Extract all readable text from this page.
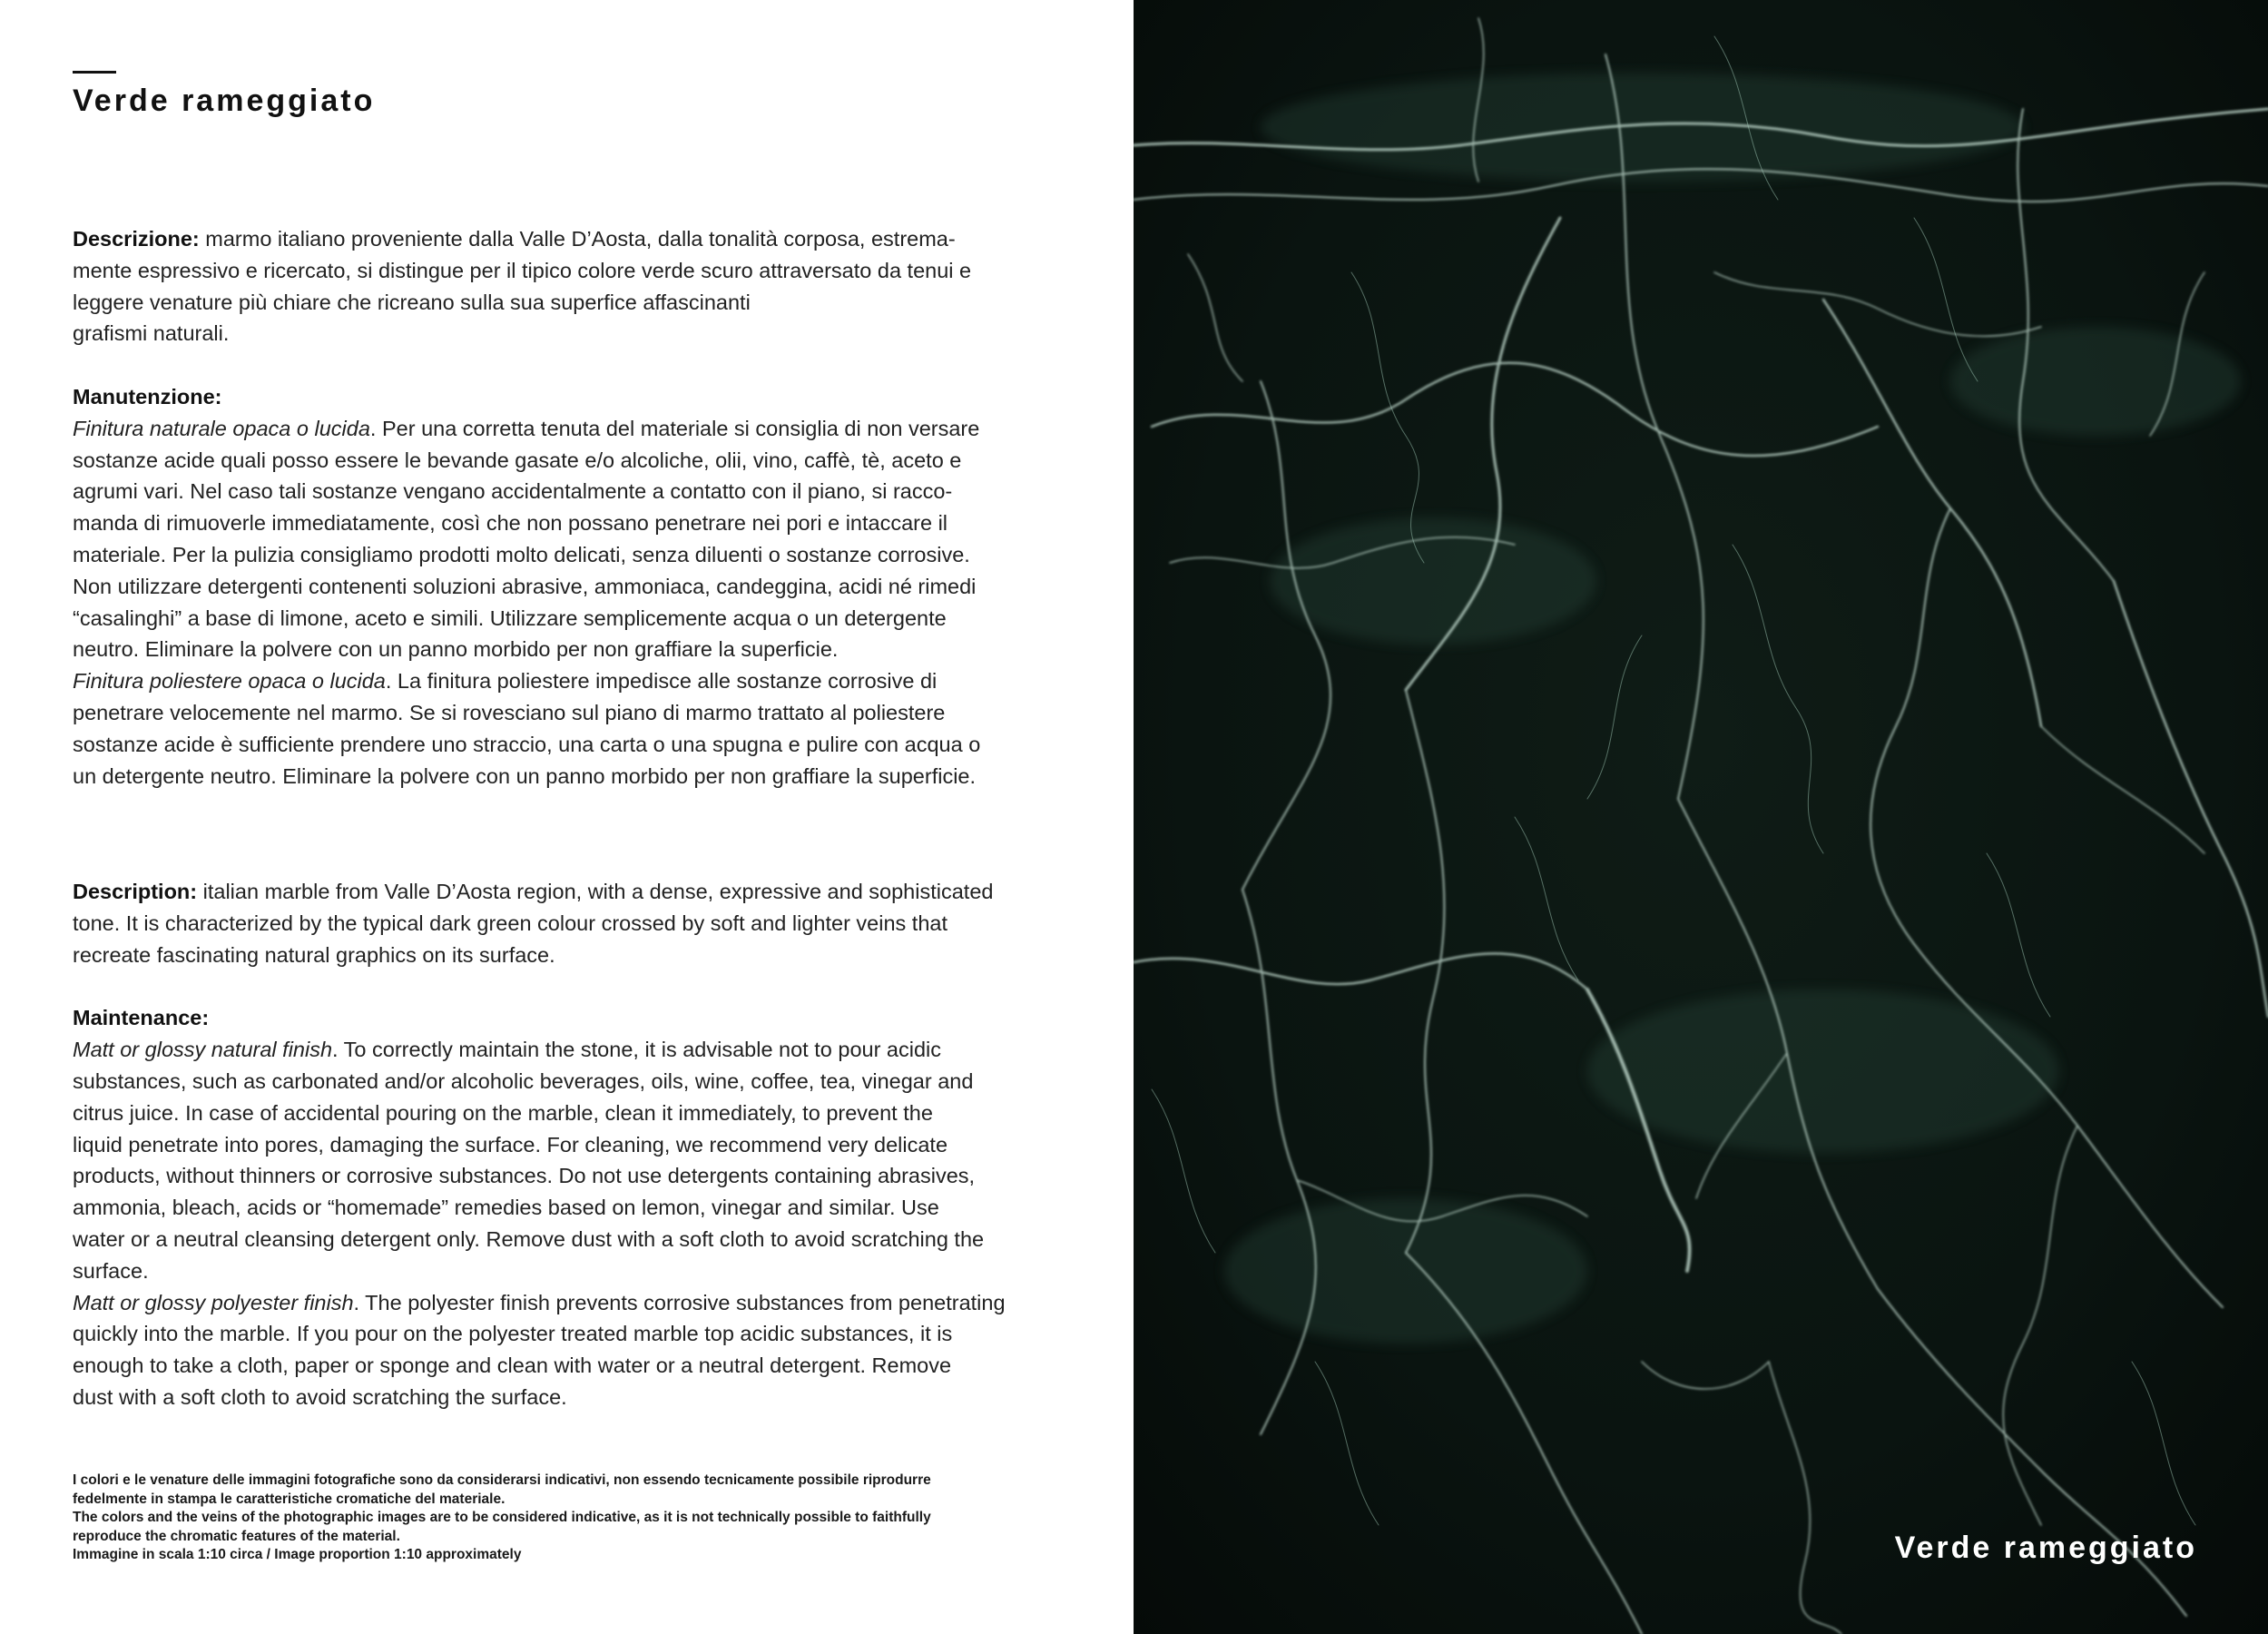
Verde rameggiato

Descrizione: marmo italiano proveniente dalla Valle D’Aosta, dalla tonalità corposa, estrema-

mente espressivo e ricercato, si distingue per il tipico colore verde scuro attraversato da tenui e

leggere venature più chiare che ricreano sulla sua superfice affascinanti

grafismi naturali.

Manutenzione:

Finitura naturale opaca o lucida. Per una corretta tenuta del materiale si consiglia di non versare

sostanze acide quali posso essere le bevande gasate e/o alcoliche, olii, vino, caffè, tè, aceto e

agrumi vari. Nel caso tali sostanze vengano accidentalmente a contatto con il piano, si racco-

manda di rimuoverle immediatamente, così che non possano penetrare nei pori e intaccare il

materiale. Per la pulizia consigliamo prodotti molto delicati, senza diluenti o sostanze corrosive.

Non utilizzare detergenti contenenti soluzioni abrasive, ammoniaca, candeggina, acidi né rimedi

“casalinghi” a base di limone, aceto e simili. Utilizzare semplicemente acqua o un detergente

neutro. Eliminare la polvere con un panno morbido per non graffiare la superficie.

Finitura poliestere opaca o lucida. La finitura poliestere impedisce alle sostanze corrosive di

penetrare velocemente nel marmo. Se si rovesciano sul piano di marmo trattato al poliestere

sostanze acide è sufficiente prendere uno straccio, una carta o una spugna e pulire con acqua o

un detergente neutro. Eliminare la polvere con un panno morbido per non graffiare la superficie.

Description: italian marble from Valle D’Aosta region, with a dense, expressive and sophisticated

tone. It is characterized by the typical dark green colour crossed by soft and lighter veins that

recreate fascinating natural graphics on its surface.

Maintenance:

Matt or glossy natural finish. To correctly maintain the stone, it is advisable not to pour acidic

substances, such as carbonated and/or alcoholic beverages, oils, wine, coffee, tea, vinegar and

citrus juice. In case of accidental pouring on the marble, clean it immediately, to prevent the

liquid penetrate into pores, damaging the surface. For cleaning, we recommend very delicate

products, without thinners or corrosive substances. Do not use detergents containing abrasives,

ammonia, bleach, acids or “homemade” remedies based on lemon, vinegar and similar. Use

water or a neutral cleansing detergent only. Remove dust with a soft cloth to avoid scratching the

surface.

Matt or glossy polyester finish. The polyester finish prevents corrosive substances from penetrating

quickly into the marble. If you pour on the polyester treated marble top acidic substances, it is

enough to take a cloth, paper or sponge and clean with water or a neutral detergent. Remove

dust with a soft cloth to avoid scratching the surface.

I colori e le venature delle immagini fotografiche sono da considerarsi indicativi, non essendo tecnicamente possibile riprodurre

fedelmente in stampa le caratteristiche cromatiche del materiale.

The colors and the veins of the photographic images are to be considered indicative, as it is not technically possible to faithfully

reproduce the chromatic features of the material.

Immagine in scala 1:10 circa / Image proportion 1:10 approximately	Verde rameggiato
